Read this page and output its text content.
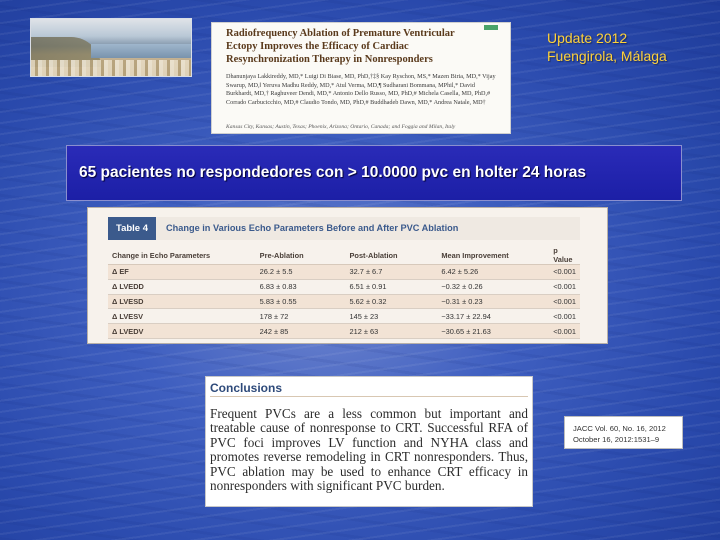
Radiofrequency Ablation of Premature Ventricular Ectopy Improves the Efficacy of Cardiac Resynchronization Therapy in Nonresponders
Dhanunjaya Lakkireddy, MD,* Luigi Di Biase, MD, PhD,†‡§ Kay Ryschon, MS,* Mazen Biria, MD,* Vijay Swarup, MD,‖ Yeruva Madhu Reddy, MD,* Atul Verma, MD,¶ Sudharani Bommana, MPhil,* David Burkhardt, MD,† Raghuveer Dendi, MD,* Antonio Dello Russo, MD, PhD,# Michela Casella, MD, PhD,# Corrado Carbucicchio, MD,# Claudio Tondo, MD, PhD,# Buddhadeb Dawn, MD,* Andrea Natale, MD†
Kansas City, Kansas; Austin, Texas; Phoenix, Arizona; Ontario, Canada; and Foggia and Milan, Italy
Update 2012
Fuengirola, Málaga
65 pacientes no respondedores con > 10.0000 pvc en holter 24 horas
Table 4	Change in Various Echo Parameters Before and After PVC Ablation
Change in Echo Parameters	Pre-Ablation	Post-Ablation	Mean Improvement	p Value
Δ EF	26.2 ± 5.5	32.7 ± 6.7	6.42 ± 5.26	<0.001
Δ LVEDD	6.83 ± 0.83	6.51 ± 0.91	−0.32 ± 0.26	<0.001
Δ LVESD	5.83 ± 0.55	5.62 ± 0.32	−0.31 ± 0.23	<0.001
Δ LVESV	178 ± 72	145 ± 23	−33.17 ± 22.94	<0.001
Δ LVEDV	242 ± 85	212 ± 63	−30.65 ± 21.63	<0.001
Conclusions
Frequent PVCs are a less common but important and treatable cause of nonresponse to CRT. Successful RFA of PVC foci improves LV function and NYHA class and promotes reverse remodeling in CRT nonresponders. Thus, PVC ablation may be used to enhance CRT efficacy in nonresponders with significant PVC burden.
JACC Vol. 60, No. 16, 2012
October 16, 2012:1531–9
